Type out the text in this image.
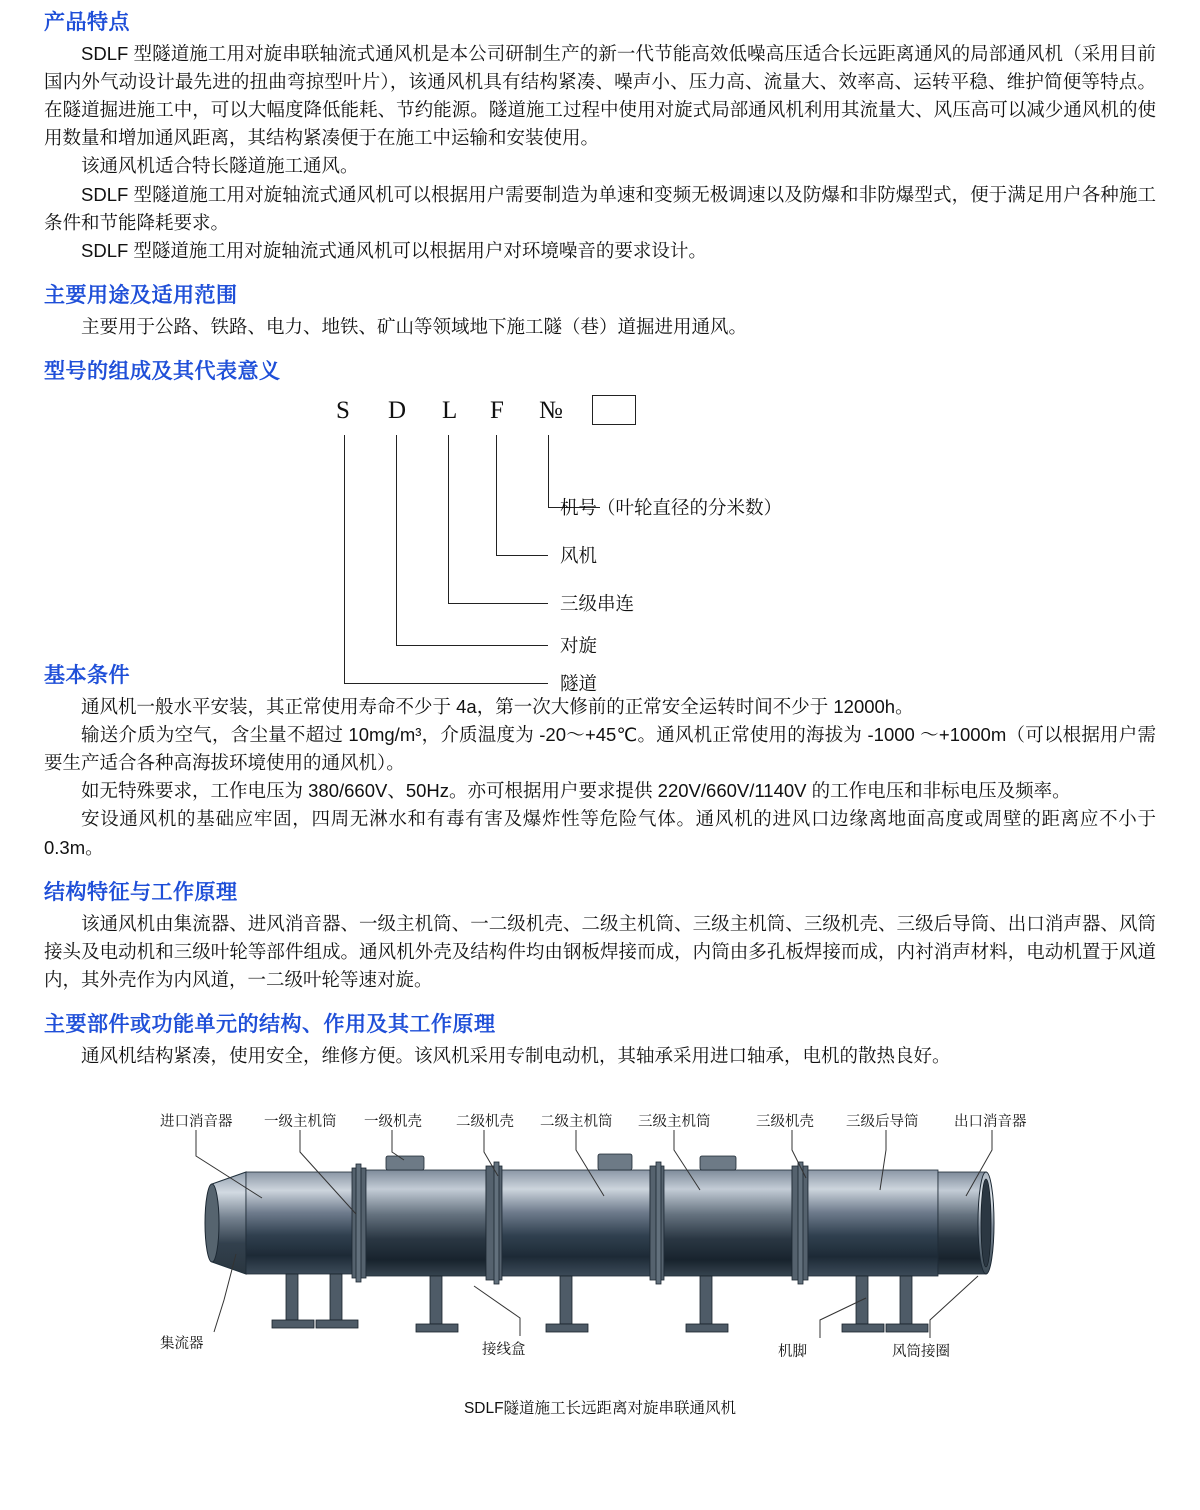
产品特点

SDLF 型隧道施工用对旋串联轴流式通风机是本公司研制生产的新一代节能高效低噪高压适合长远距离通风的局部通风机（采用目前国内外气动设计最先进的扭曲弯掠型叶片），该通风机具有结构紧凑、噪声小、压力高、流量大、效率高、运转平稳、维护简便等特点。在隧道掘进施工中，可以大幅度降低能耗、节约能源。隧道施工过程中使用对旋式局部通风机利用其流量大、风压高可以减少通风机的使用数量和增加通风距离，其结构紧凑便于在施工中运输和安装使用。

该通风机适合特长隧道施工通风。

SDLF 型隧道施工用对旋轴流式通风机可以根据用户需要制造为单速和变频无极调速以及防爆和非防爆型式，便于满足用户各种施工条件和节能降耗要求。

SDLF 型隧道施工用对旋轴流式通风机可以根据用户对环境噪音的要求设计。

主要用途及适用范围

主要用于公路、铁路、电力、地铁、矿山等领域地下施工隧（巷）道掘进用通风。

型号的组成及其代表意义
S D L F №
机号（叶轮直径的分米数）
风机
三级串连
对旋
隧道
基本条件

通风机一般水平安装，其正常使用寿命不少于 4a，第一次大修前的正常安全运转时间不少于 12000h。

输送介质为空气，含尘量不超过 10mg/m³，介质温度为 -20～+45℃。通风机正常使用的海拔为 -1000 ～+1000m（可以根据用户需要生产适合各种高海拔环境使用的通风机）。

如无特殊要求，工作电压为 380/660V、50Hz。亦可根据用户要求提供 220V/660V/1140V 的工作电压和非标电压及频率。

安设通风机的基础应牢固，四周无淋水和有毒有害及爆炸性等危险气体。通风机的进风口边缘离地面高度或周壁的距离应不小于 0.3m。

结构特征与工作原理

该通风机由集流器、进风消音器、一级主机筒、一二级机壳、二级主机筒、三级主机筒、三级机壳、三级后导筒、出口消声器、风筒接头及电动机和三级叶轮等部件组成。通风机外壳及结构件均由钢板焊接而成，内筒由多孔板焊接而成，内衬消声材料，电动机置于风道内，其外壳作为内风道，一二级叶轮等速对旋。

主要部件或功能单元的结构、作用及其工作原理

通风机结构紧凑，使用安全，维修方便。该风机采用专制电动机，其轴承采用进口轴承，电机的散热良好。

进口消音器 一级主机筒 一级机壳 二级机壳 二级主机筒 三级主机筒	三级机壳 三级后导筒 出口消音器
集流器	接线盒	机脚	风筒接圈
SDLF隧道施工长远距离对旋串联通风机
